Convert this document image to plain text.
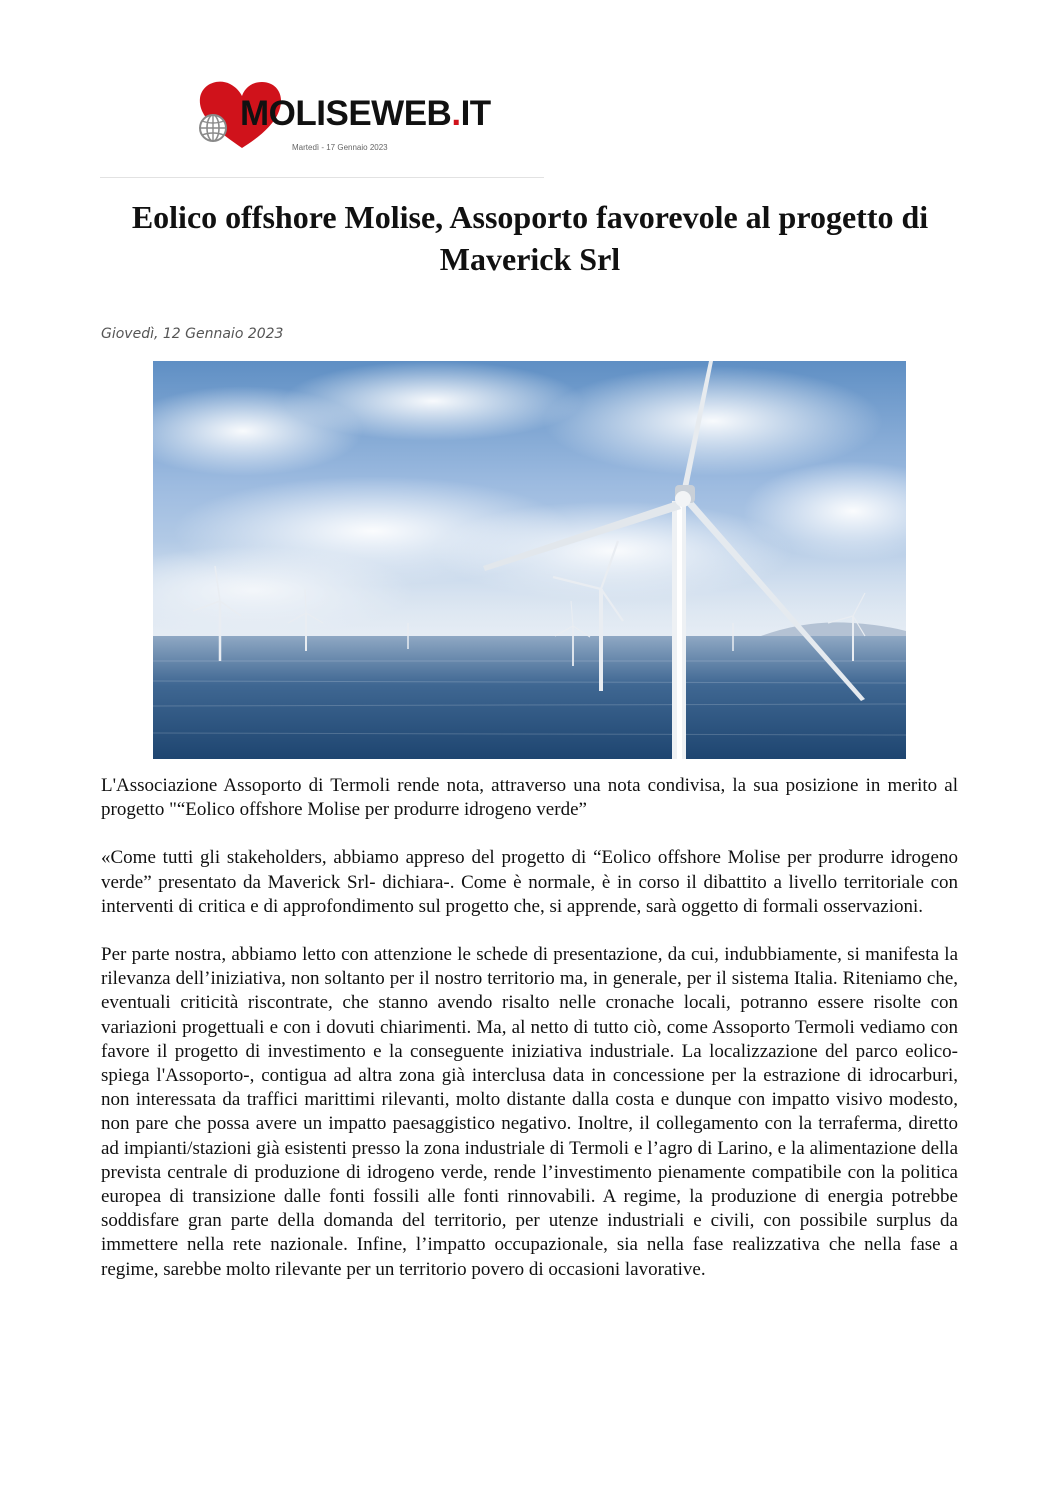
MOLISEWEB.IT
Martedì - 17 Gennaio 2023
Eolico offshore Molise, Assoporto favorevole al progetto di Maverick Srl
Giovedì, 12 Gennaio 2023

L'Associazione Assoporto di Termoli rende nota, attraverso una nota condivisa, la sua posizione in merito al progetto "“Eolico offshore Molise per produrre idrogeno verde”

«Come tutti gli stakeholders, abbiamo appreso del progetto di “Eolico offshore Molise per produrre idrogeno verde” presentato da Maverick Srl- dichiara-. Come è normale, è in corso il dibattito a livello territoriale con interventi di critica e di approfondimento sul progetto che, si apprende, sarà oggetto di formali osservazioni.

Per parte nostra, abbiamo letto con attenzione le schede di presentazione, da cui, indubbiamente, si manifesta la rilevanza dell’iniziativa, non soltanto per il nostro territorio ma, in generale, per il sistema Italia. Riteniamo che, eventuali criticità riscontrate, che stanno avendo risalto nelle cronache locali, potranno essere risolte con variazioni progettuali e con i dovuti chiarimenti. Ma, al netto di tutto ciò, come Assoporto Termoli vediamo con favore il progetto di investimento e la conseguente iniziativa industriale. La localizzazione del parco eolico- spiega l'Assoporto-, contigua ad altra zona già interclusa data in concessione per la estrazione di idrocarburi, non interessata da traffici marittimi rilevanti, molto distante dalla costa e dunque con impatto visivo modesto, non pare che possa avere un impatto paesaggistico negativo. Inoltre, il collegamento con la terraferma, diretto ad impianti/stazioni già esistenti presso la zona industriale di Termoli e l’agro di Larino, e la alimentazione della prevista centrale di produzione di idrogeno verde, rende l’investimento pienamente compatibile con la politica europea di transizione dalle fonti fossili alle fonti rinnovabili. A regime, la produzione di energia potrebbe soddisfare gran parte della domanda del territorio, per utenze industriali e civili, con possibile surplus da immettere nella rete nazionale. Infine, l’impatto occupazionale, sia nella fase realizzativa che nella fase a regime, sarebbe molto rilevante per un territorio povero di occasioni lavorative.
